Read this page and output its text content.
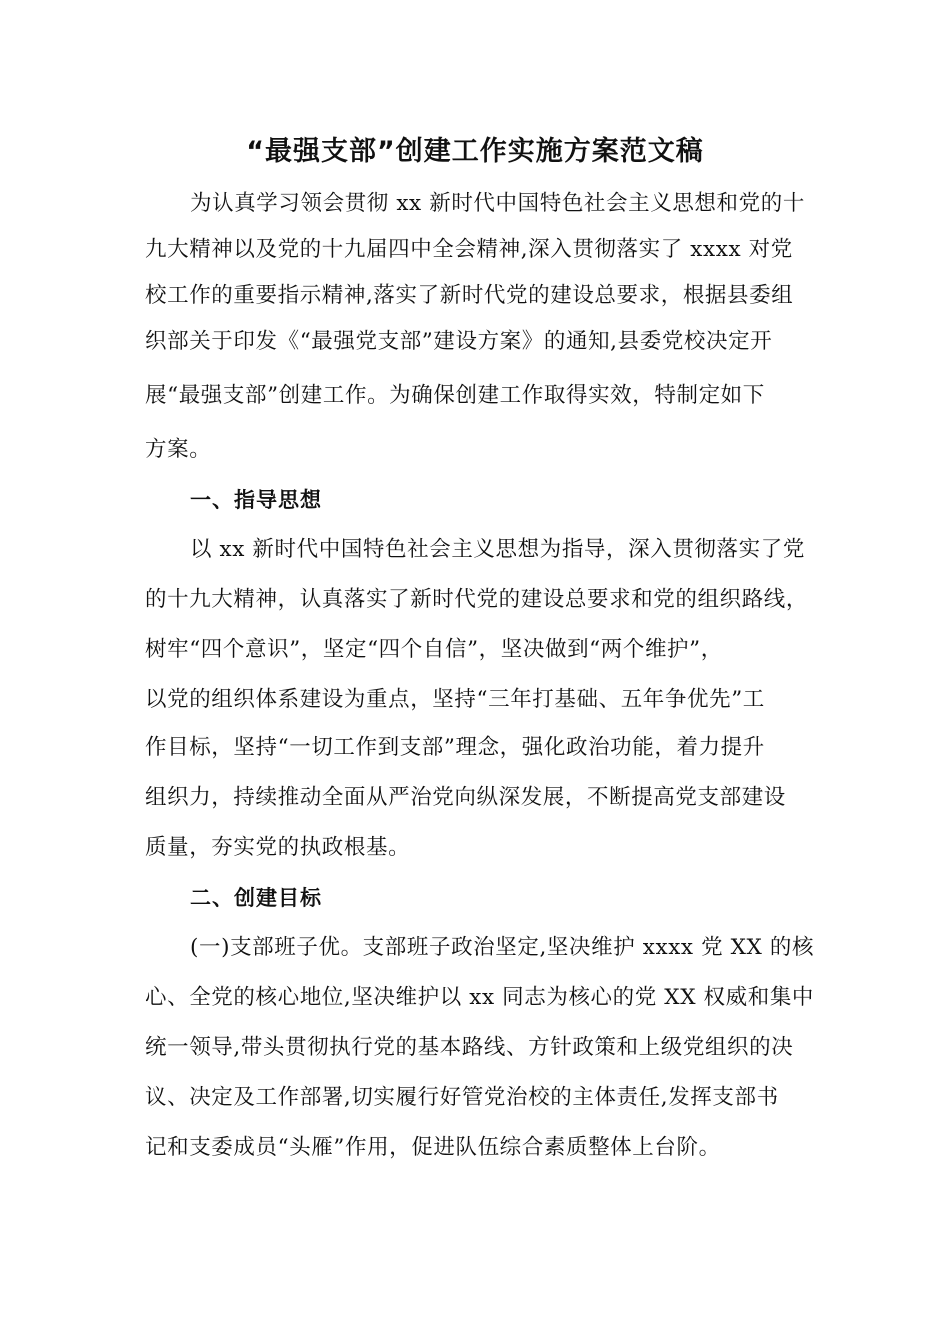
“最强支部”创建工作实施方案范文稿
为认真学习领会贯彻 xx 新时代中国特色社会主义思想和党的十
九大精神以及党的十九届四中全会精神,深入贯彻落实了 xxxx 对党
校工作的重要指示精神,落实了新时代党的建设总要求，根据县委组
织部关于印发《“最强党支部”建设方案》的通知,县委党校决定开
展“最强支部”创建工作。为确保创建工作取得实效，特制定如下
方案。
一、指导思想
以 xx 新时代中国特色社会主义思想为指导，深入贯彻落实了党
的十九大精神，认真落实了新时代党的建设总要求和党的组织路线，
树牢“四个意识”，坚定“四个自信”，坚决做到“两个维护”，
以党的组织体系建设为重点，坚持“三年打基础、五年争优先”工
作目标，坚持“一切工作到支部”理念，强化政治功能，着力提升
组织力，持续推动全面从严治党向纵深发展，不断提高党支部建设
质量，夯实党的执政根基。
二、创建目标
(一)支部班子优。支部班子政治坚定,坚决维护 xxxx 党 XX 的核
心、全党的核心地位,坚决维护以 xx 同志为核心的党 XX 权威和集中
统一领导,带头贯彻执行党的基本路线、方针政策和上级党组织的决
议、决定及工作部署,切实履行好管党治校的主体责任,发挥支部书
记和支委成员“头雁”作用，促进队伍综合素质整体上台阶。
